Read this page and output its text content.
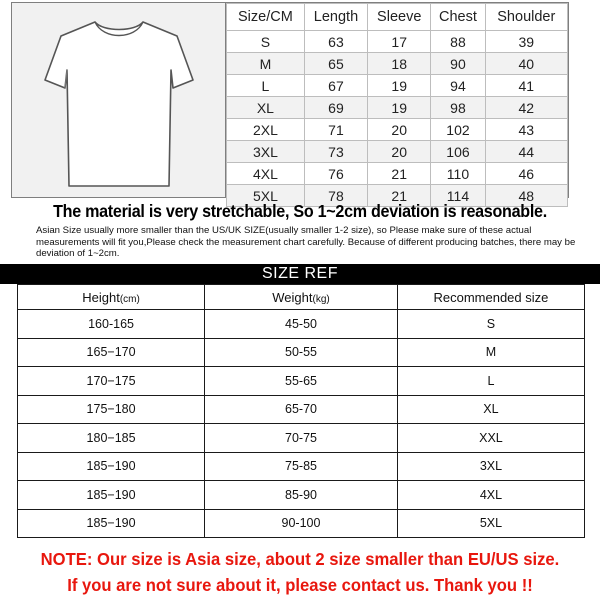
Size/CM	Length	Sleeve	Chest	Shoulder
S	63	17	88	39
M	65	18	90	40
L	67	19	94	41
XL	69	19	98	42
2XL	71	20	102	43
3XL	73	20	106	44
4XL	76	21	110	46
5XL	78	21	114	48
The material is very stretchable, So 1~2cm deviation is reasonable.
Asian Size usually more smaller than the US/UK SIZE(usually smaller 1-2 size), so Please make sure of these actual measurements will fit you,Please check the measurement chart carefully. Because of different producing batches, there may be deviation of 1~2cm.
SIZE REF
Height(cm)	Weight(kg)	Recommended size
160-165	45-50	S
165−170	50-55	M
170−175	55-65	L
175−180	65-70	XL
180−185	70-75	XXL
185−190	75-85	3XL
185−190	85-90	4XL
185−190	90-100	5XL
NOTE: Our size is Asia size, about 2 size smaller than EU/US size.
If you are not sure about it, please contact us. Thank you !!
